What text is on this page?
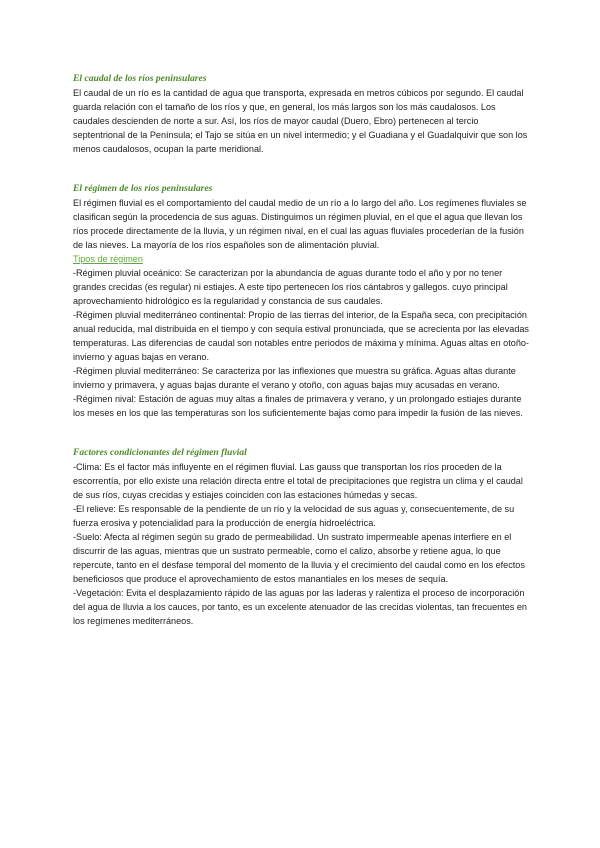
El caudal de los ríos peninsulares

El caudal de un río es la cantidad de agua que transporta, expresada en metros cúbicos por segundo. El caudal guarda relación con el tamaño de los ríos y que, en general, los más largos son los más caudalosos. Los caudales descienden de norte a sur. Así, los ríos de mayor caudal (Duero, Ebro) pertenecen al tercio septentrional de la Península; el Tajo se sitúa en un nivel intermedio; y el Guadiana y el Guadalquivir que son los menos caudalosos, ocupan la parte meridional.

El régimen de los ríos peninsulares

El régimen fluvial es el comportamiento del caudal medio de un río a lo largo del año. Los regímenes fluviales se clasifican según la procedencia de sus aguas. Distinguimos un régimen pluvial, en el que el agua que llevan los ríos procede directamente de la lluvia, y un régimen nival, en el cual las aguas fluviales procederían de la fusión de las nieves. La mayoría de los ríos españoles son de alimentación pluvial.

Tipos de régimen

-Régimen pluvial oceánico: Se caracterizan por la abundancia de aguas durante todo el año y por no tener grandes crecidas (es regular) ni estiajes. A este tipo pertenecen los ríos cántabros y gallegos. cuyo principal aprovechamiento hidrológico es la regularidad y constancia de sus caudales.

-Régimen pluvial mediterráneo continental: Propio de las tierras del interior, de la España seca, con precipitación anual reducida, mal distribuida en el tiempo y con sequía estival pronunciada, que se acrecienta por las elevadas temperaturas. Las diferencias de caudal son notables entre periodos de máxima y mínima. Aguas altas en otoño-invierno y aguas bajas en verano.

-Régimen pluvial mediterráneo: Se caracteriza por las inflexiones que muestra su gráfica. Aguas altas durante invierno y primavera, y aguas bajas durante el verano y otoño, con aguas bajas muy acusadas en verano.

-Régimen nival: Estación de aguas muy altas a finales de primavera y verano, y un prolongado estiajes durante los meses en los que las temperaturas son los suficientemente bajas como para impedir la fusión de las nieves.

Factores condicionantes del régimen fluvial

-Clima: Es el factor más influyente en el régimen fluvial. Las gauss que transportan los ríos proceden de la escorrentía, por ello existe una relación directa entre el total de precipitaciones que registra un clima y el caudal de sus ríos, cuyas crecidas y estiajes coinciden con las estaciones húmedas y secas.

-El relieve: Es responsable de la pendiente de un río y la velocidad de sus aguas y, consecuentemente, de su fuerza erosiva y potencialidad para la producción de energía hidroeléctrica.

-Suelo: Afecta al régimen según su grado de permeabilidad. Un sustrato impermeable apenas interfiere en el discurrir de las aguas, mientras que un sustrato permeable, como el calizo, absorbe y retiene agua, lo que repercute, tanto en el desfase temporal del momento de la lluvia y el crecimiento del caudal como en los efectos beneficiosos que produce el aprovechamiento de estos manantiales en los meses de sequía.

-Vegetación: Evita el desplazamiento rápido de las aguas por las laderas y ralentiza el proceso de incorporación del agua de lluvia a los cauces, por tanto, es un excelente atenuador de las crecidas violentas, tan frecuentes en los regímenes mediterráneos.
